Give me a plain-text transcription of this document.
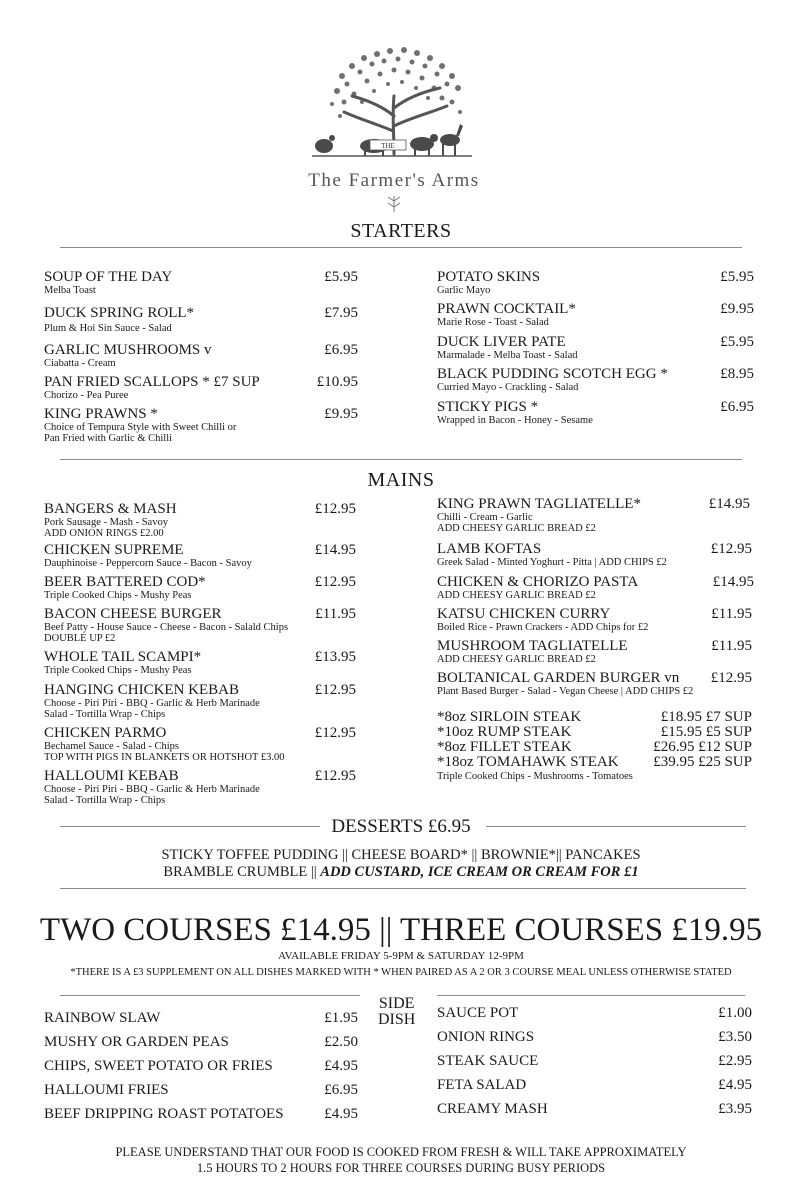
THE
The Farmer's Arms
STARTERS
SOUP OF THE DAY
Melba Toast
£5.95
DUCK SPRING ROLL*
Plum & Hoi Sin Sauce - Salad
£7.95
GARLIC MUSHROOMS v
Ciabatta - Cream
£6.95
PAN FRIED SCALLOPS * £7 SUP
Chorizo - Pea Puree
£10.95
KING PRAWNS *
Choice of Tempura Style with Sweet Chilli or
Pan Fried with Garlic & Chilli
£9.95
POTATO SKINS
Garlic Mayo
£5.95
PRAWN COCKTAIL*
Marie Rose - Toast - Salad
£9.95
DUCK LIVER PATE
Marmalade - Melba Toast - Salad
£5.95
BLACK PUDDING SCOTCH EGG *
Curried Mayo - Crackling - Salad
£8.95
STICKY PIGS *
Wrapped in Bacon - Honey - Sesame
£6.95
MAINS
BANGERS & MASH
Pork Sausage - Mash - Savoy
ADD ONION RINGS £2.00
£12.95
CHICKEN SUPREME
Dauphinoise - Peppercorn Sauce - Bacon - Savoy
£14.95
BEER BATTERED COD*
Triple Cooked Chips - Mushy Peas
£12.95
BACON CHEESE BURGER
Beef Patty - House Sauce - Cheese - Bacon - Salald Chips
DOUBLE UP £2
£11.95
WHOLE TAIL SCAMPI*
Triple Cooked Chips - Mushy Peas
£13.95
HANGING CHICKEN KEBAB
Choose - Piri Piri - BBQ - Garlic & Herb Marinade
Salad - Tortilla Wrap - Chips
£12.95
CHICKEN PARMO
Bechamel Sauce - Salad - Chips
TOP WITH PIGS IN BLANKETS OR HOTSHOT £3.00
£12.95
HALLOUMI KEBAB
Choose - Piri Piri - BBQ - Garlic & Herb Marinade
Salad - Tortilla Wrap - Chips
£12.95
KING PRAWN TAGLIATELLE*
Chilli - Cream - Garlic
ADD CHEESY GARLIC BREAD £2
£14.95
LAMB KOFTAS
Greek Salad - Minted Yoghurt - Pitta | ADD CHIPS £2
£12.95
CHICKEN & CHORIZO PASTA
ADD CHEESY GARLIC BREAD £2
£14.95
KATSU CHICKEN CURRY
Boiled Rice - Prawn Crackers - ADD Chips for £2
£11.95
MUSHROOM TAGLIATELLE
ADD CHEESY GARLIC BREAD £2
£11.95
BOLTANICAL GARDEN BURGER vn
Plant Based Burger - Salad - Vegan Cheese | ADD CHIPS £2
£12.95
*8oz SIRLOIN STEAK	£18.95 £7 SUP
*10oz RUMP STEAK	£15.95 £5 SUP
*8oz FILLET STEAK	£26.95 £12 SUP
*18oz TOMAHAWK STEAK	£39.95 £25 SUP
Triple Cooked Chips - Mushrooms - Tomatoes
DESSERTS £6.95
STICKY TOFFEE PUDDING || CHEESE BOARD* || BROWNIE*|| PANCAKES
BRAMBLE CRUMBLE || ADD CUSTARD, ICE CREAM OR CREAM FOR £1
TWO COURSES £14.95 || THREE COURSES £19.95
AVAILABLE FRIDAY 5-9PM & SATURDAY 12-9PM
*THERE IS A £3 SUPPLEMENT ON ALL DISHES MARKED WITH * WHEN PAIRED AS A 2 OR 3 COURSE MEAL UNLESS OTHERWISE STATED
SIDE
DISH
RAINBOW SLAW	£1.95
MUSHY OR GARDEN PEAS	£2.50
CHIPS, SWEET POTATO OR FRIES	£4.95
HALLOUMI FRIES	£6.95
BEEF DRIPPING ROAST POTATOES	£4.95
SAUCE POT	£1.00
ONION RINGS	£3.50
STEAK SAUCE	£2.95
FETA SALAD	£4.95
CREAMY MASH	£3.95
PLEASE UNDERSTAND THAT OUR FOOD IS COOKED FROM FRESH & WILL TAKE APPROXIMATELY
1.5 HOURS TO 2 HOURS FOR THREE COURSES DURING BUSY PERIODS
